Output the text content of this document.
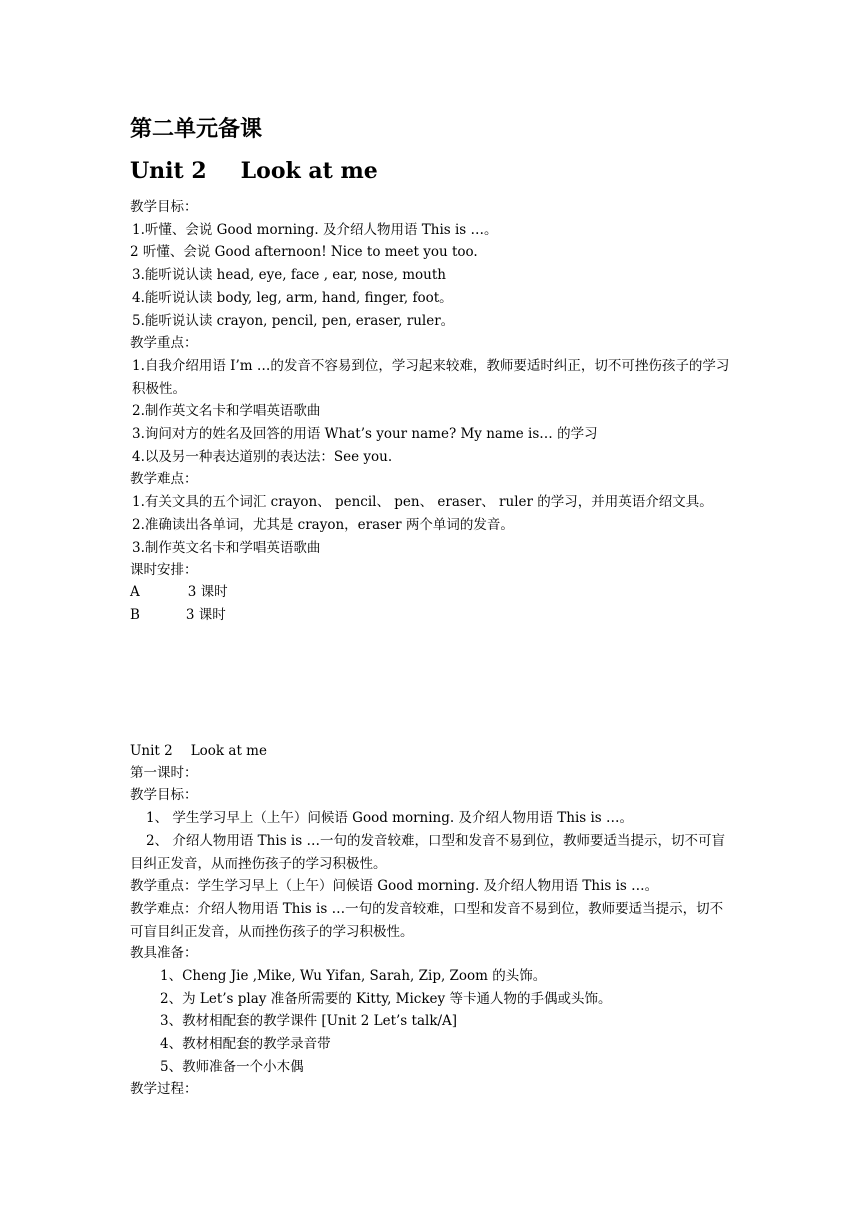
第二单元备课
Unit 2 Look at me
教学目标：
1.听懂、会说 Good morning. 及介绍人物用语 This is …。
2 听懂、会说 Good afternoon! Nice to meet you too.
3.能听说认读 head, eye, face , ear, nose, mouth
4.能听说认读 body, leg, arm, hand, finger, foot。
5.能听说认读 crayon, pencil, pen, eraser, ruler。
教学重点：
1.自我介绍用语 I’m …的发音不容易到位，学习起来较难，教师要适时纠正，切不可挫伤孩子的学习积极性。
2.制作英文名卡和学唱英语歌曲
3.询问对方的姓名及回答的用语 What’s your name? My name is… 的学习
4.以及另一种表达道别的表达法：See you.
教学难点：
1.有关文具的五个词汇 crayon、 pencil、 pen、 eraser、 ruler 的学习，并用英语介绍文具。
2.准确读出各单词，尤其是 crayon，eraser 两个单词的发音。
3.制作英文名卡和学唱英语歌曲
课时安排：
A	3 课时
B	3 课时
Unit 2 Look at me
第一课时：
教学目标：
1、 学生学习早上（上午）问候语 Good morning. 及介绍人物用语 This is …。
2、 介绍人物用语 This is …一句的发音较难，口型和发音不易到位，教师要适当提示，切不可盲目纠正发音，从而挫伤孩子的学习积极性。
教学重点：学生学习早上（上午）问候语 Good morning. 及介绍人物用语 This is …。
教学难点：介绍人物用语 This is …一句的发音较难，口型和发音不易到位，教师要适当提示，切不可盲目纠正发音，从而挫伤孩子的学习积极性。
教具准备：
1、Cheng Jie ,Mike, Wu Yifan, Sarah, Zip, Zoom 的头饰。
2、为 Let’s play 准备所需要的 Kitty, Mickey 等卡通人物的手偶或头饰。
3、教材相配套的教学课件 [Unit 2 Let’s talk/A]
4、教材相配套的教学录音带
5、教师准备一个小木偶
教学过程：
